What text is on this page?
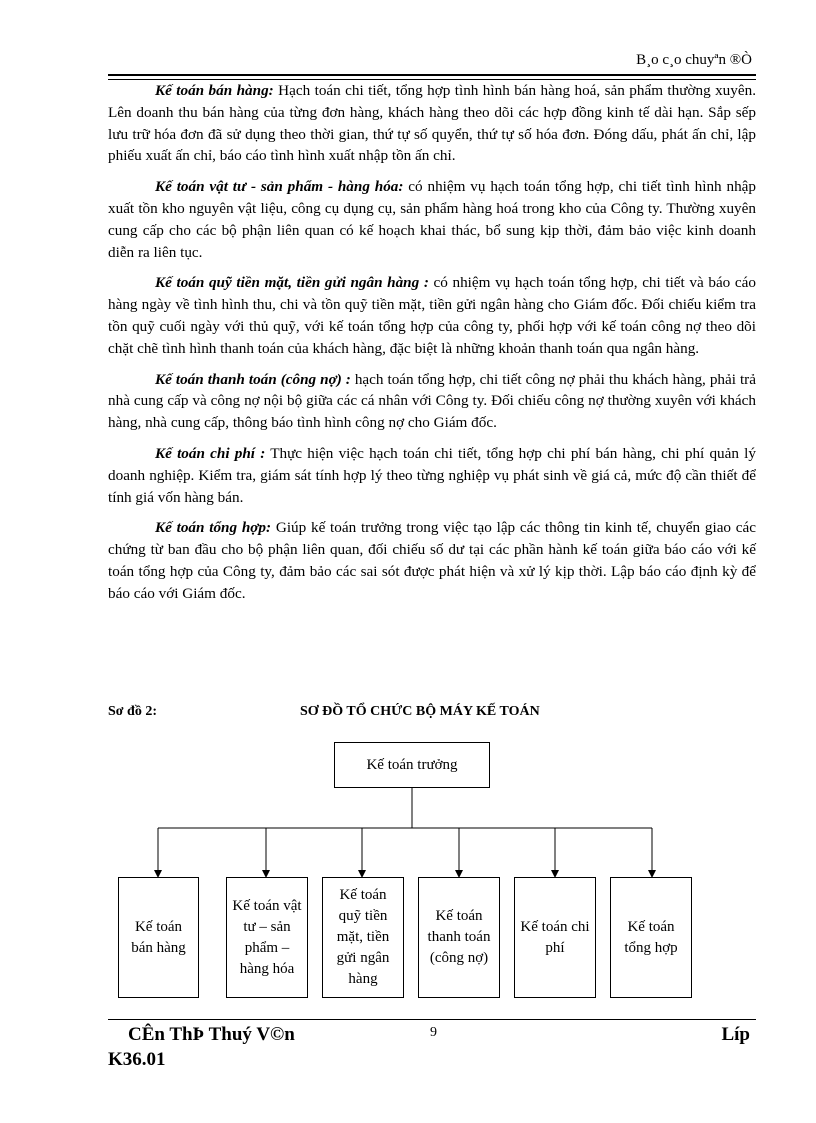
B¸o c¸o chuyªn ®Ò

Kế toán bán hàng: Hạch toán chi tiết, tổng hợp tình hình bán hàng hoá, sản phẩm thường xuyên. Lên doanh thu bán hàng của từng đơn hàng, khách hàng theo dõi các hợp đồng kinh tế dài hạn. Sắp sếp lưu trữ hóa đơn đã sử dụng theo thời gian, thứ tự số quyển, thứ tự số hóa đơn. Đóng dấu, phát ấn chỉ, lập phiếu xuất ấn chỉ, báo cáo tình hình xuất nhập tồn ấn chỉ.

Kế toán vật tư - sản phẩm - hàng hóa: có nhiệm vụ hạch toán tổng hợp, chi tiết tình hình nhập xuất tồn kho nguyên vật liệu, công cụ dụng cụ, sản phẩm hàng hoá trong kho của Công ty. Thường xuyên cung cấp cho các bộ phận liên quan có kế hoạch khai thác, bổ sung kịp thời, đảm bảo việc kinh doanh diễn ra liên tục.

Kế toán quỹ tiền mặt, tiền gửi ngân hàng : có nhiệm vụ hạch toán tổng hợp, chi tiết và báo cáo hàng ngày về tình hình thu, chi và tồn quỹ tiền mặt, tiền gửi ngân hàng cho Giám đốc. Đối chiếu kiểm tra tồn quỹ cuối ngày với thủ quỹ, với kế toán tổng hợp của công ty, phối hợp với kế toán công nợ theo dõi chặt chẽ tình hình thanh toán của khách hàng, đặc biệt là những khoản thanh toán qua ngân hàng.

Kế toán thanh toán (công nợ) : hạch toán tổng hợp, chi tiết công nợ phải thu khách hàng, phải trả nhà cung cấp và công nợ nội bộ giữa các cá nhân với Công ty. Đối chiếu công nợ thường xuyên với khách hàng, nhà cung cấp, thông báo tình hình công nợ cho Giám đốc.

Kế toán chi phí : Thực hiện việc hạch toán chi tiết, tổng hợp chi phí bán hàng, chi phí quản lý doanh nghiệp. Kiểm tra, giám sát tính hợp lý theo từng nghiệp vụ phát sinh về giá cả, mức độ cần thiết để tính giá vốn hàng bán.

Kế toán tổng hợp: Giúp kế toán trưởng trong việc tạo lập các thông tin kinh tế, chuyển giao các chứng từ ban đầu cho bộ phận liên quan, đối chiếu số dư tại các phần hành kế toán giữa báo cáo với kế toán tổng hợp của Công ty, đảm bảo các sai sót được phát hiện và xử lý kịp thời. Lập báo cáo định kỳ để báo cáo với Giám đốc.

Sơ đồ 2:	SƠ ĐỒ TỔ CHỨC BỘ MÁY KẾ TOÁN
Kế toán trưởng
Kế toán bán hàng
Kế toán vật tư – sản phẩm – hàng hóa
Kế toán quỹ tiền mặt, tiền gửi ngân hàng
Kế toán thanh toán (công nợ)
Kế toán chi phí
Kế toán tổng hợp
CÊn ThÞ Thuý V©n	9	Líp
K36.01
